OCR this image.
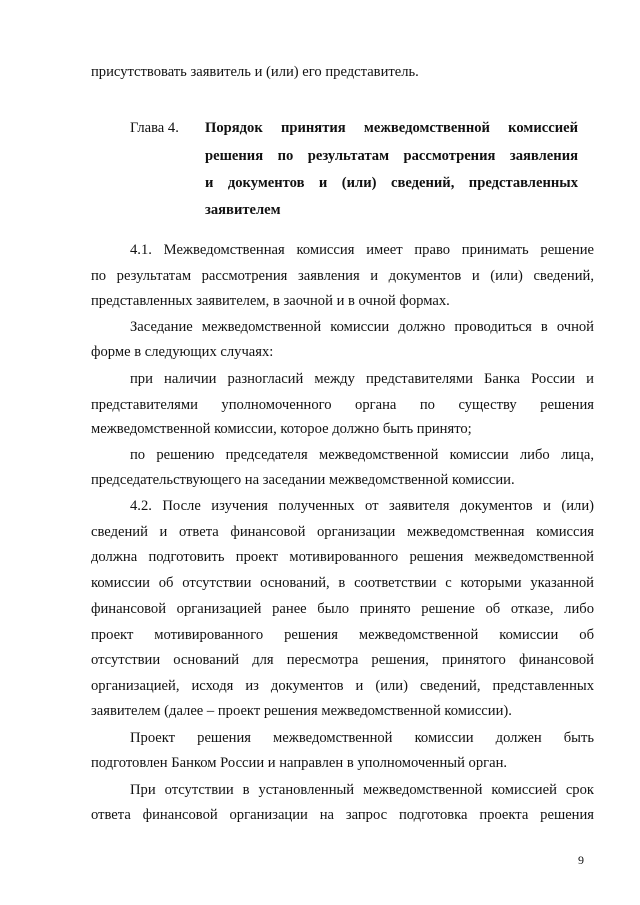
присутствовать заявитель и (или) его представитель.
Глава 4. Порядок принятия межведомственной комиссией
решения по результатам рассмотрения заявления
и документов и (или) сведений, представленных
заявителем
4.1. Межведомственная комиссия имеет право принимать решение
по результатам рассмотрения заявления и документов и (или) сведений,
представленных заявителем, в заочной и в очной формах.
Заседание межведомственной комиссии должно проводиться в очной
форме в следующих случаях:
при наличии разногласий между представителями Банка России и
представителями уполномоченного органа по существу решения
межведомственной комиссии, которое должно быть принято;
по решению председателя межведомственной комиссии либо лица,
председательствующего на заседании межведомственной комиссии.
4.2. После изучения полученных от заявителя документов и (или)
сведений и ответа финансовой организации межведомственная комиссия
должна подготовить проект мотивированного решения межведомственной
комиссии об отсутствии оснований, в соответствии с которыми указанной
финансовой организацией ранее было принято решение об отказе, либо
проект мотивированного решения межведомственной комиссии об
отсутствии оснований для пересмотра решения, принятого финансовой
организацией, исходя из документов и (или) сведений, представленных
заявителем (далее – проект решения межведомственной комиссии).
Проект решения межведомственной комиссии должен быть
подготовлен Банком России и направлен в уполномоченный орган.
При отсутствии в установленный межведомственной комиссией срок
ответа финансовой организации на запрос подготовка проекта решения
9
